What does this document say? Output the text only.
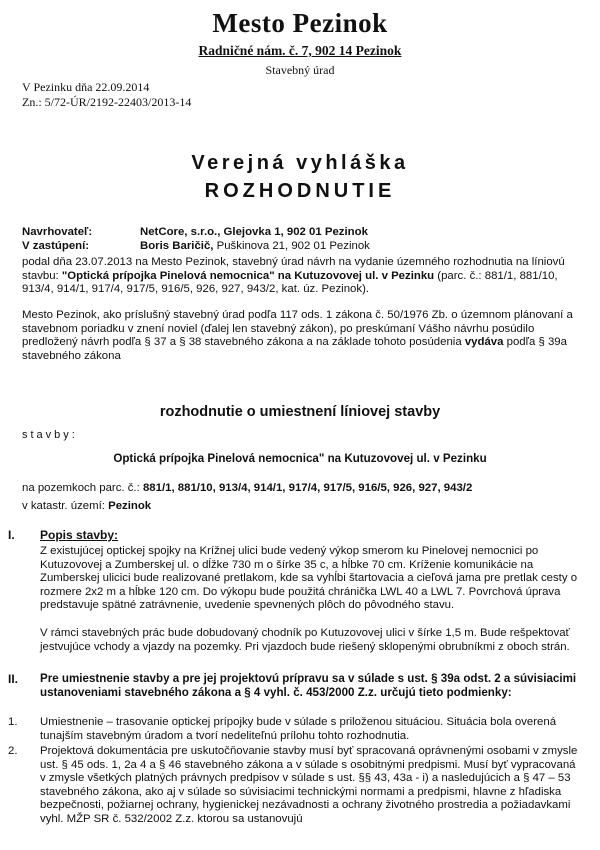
Mesto Pezinok
Radničné nám. č. 7, 902 14 Pezinok
Stavebný úrad
V Pezinku dňa 22.09.2014
Zn.: 5/72-ÚR/2192-22403/2013-14
Verejná vyhláška
ROZHODNUTIE
Navrhovateľ:	NetCore, s.r.o., Glejovka 1, 902 01 Pezinok
V zastúpení:	Boris Baričič, Puškinova 21, 902 01 Pezinok
podal dňa 23.07.2013 na Mesto Pezinok, stavebný úrad návrh na vydanie územného rozhodnutia na líniovú stavbu: "Optická prípojka Pinelová nemocnica" na Kutuzovovej ul. v Pezinku (parc. č.: 881/1, 881/10, 913/4, 914/1, 917/4, 917/5, 916/5, 926, 927, 943/2, kat. úz. Pezinok).
Mesto Pezinok, ako príslušný stavebný úrad podľa 117 ods. 1 zákona č. 50/1976 Zb. o územnom plánovaní a stavebnom poriadku v znení noviel (ďalej len stavebný zákon), po preskúmaní Vášho návrhu posúdilo predložený návrh podľa § 37 a § 38 stavebného zákona a na základe tohoto posúdenia vydáva podľa § 39a stavebného zákona
rozhodnutie o umiestnení líniovej stavby
stavby:
Optická prípojka Pinelová nemocnica" na Kutuzovovej ul. v Pezinku
na pozemkoch parc. č.: 881/1, 881/10, 913/4, 914/1, 917/4, 917/5, 916/5, 926, 927, 943/2
v katastr. území: Pezinok
I. Popis stavby:
Z existujúcej optickej spojky na Krížnej ulici bude vedený výkop smerom ku Pinelovej nemocnici po Kutuzovovej a Zumberskej ul. o dĺžke 730 m o šírke 35 c, a hĺbke 70 cm. Kríženie komunikácie na Zumberskej ulicici bude realizované pretlakom, kde sa vyhĺbi štartovacia a cieľová jama pre pretlak cesty o rozmere 2x2 m a hĺbke 120 cm. Do výkopu bude použitá chránička LWL 40 a LWL 7. Povrchová úprava predstavuje spätné zatrávnenie, uvedenie spevnených plôch do pôvodného stavu.
V rámci stavebných prác bude dobudovaný chodník po Kutuzovovej ulici v šírke 1,5 m. Bude rešpektovať jestvujúce vchody a vjazdy na pozemky. Pri vjazdoch bude riešený sklopenými obrubníkmi z oboch strán.
II. Pre umiestnenie stavby a pre jej projektovú prípravu sa v súlade s ust. § 39a odst. 2 a súvisiacimi ustanoveniami stavebného zákona a § 4 vyhl. č. 453/2000 Z.z. určujú tieto podmienky:
1. Umiestnenie – trasovanie optickej prípojky bude v súlade s priloženou situáciou. Situácia bola overená tunajším stavebným úradom a tvorí nedeliteľnú prílohu tohto rozhodnutia.
2. Projektová dokumentácia pre uskutočňovanie stavby musí byť spracovaná oprávnenými osobami v zmysle ust. § 45 ods. 1, 2a 4 a § 46 stavebného zákona a v súlade s osobitnými predpismi. Musí byť vypracovaná v zmysle všetkých platných právnych predpisov v súlade s ust. §§ 43, 43a - i) a nasledujúcich a § 47 – 53 stavebného zákona, ako aj v súlade so súvisiacimi technickými normami a predpismi, hlavne z hľadiska bezpečnosti, požiarnej ochrany, hygienickej nezávadnosti a ochrany životného prostredia a požiadavkami vyhl. MŽP SR č. 532/2002 Z.z. ktorou sa ustanovujú
